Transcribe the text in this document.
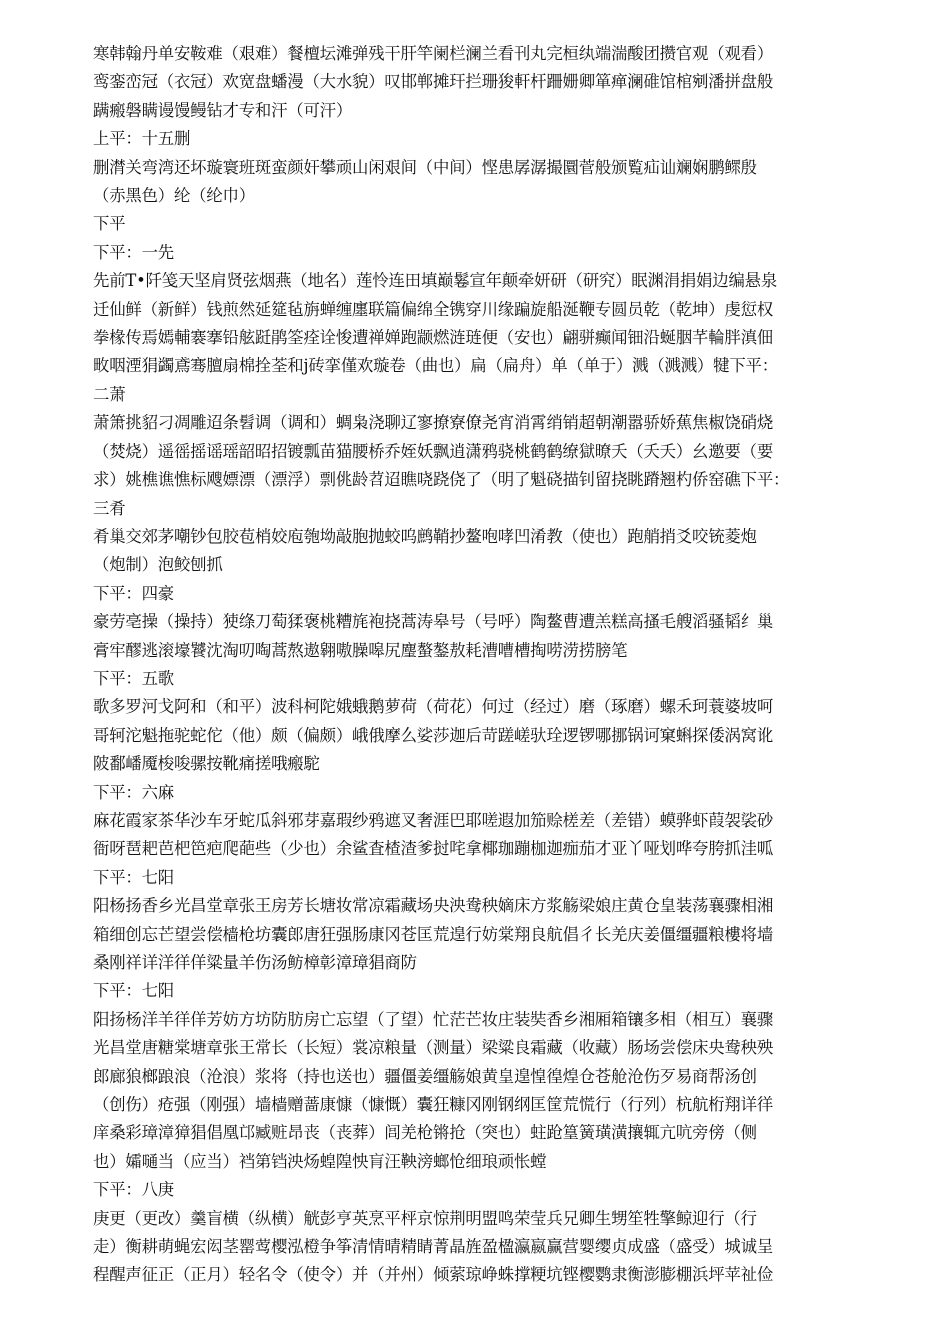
寒韩翰丹单安鞍难（艰难）餐檀坛滩弹残干肝竿阑栏澜兰看刊丸完桓纨端湍酸团攒官观（观看）
鸾銮峦冠（衣冠）欢宽盘蟠漫（大水貌）叹邯郸摊玕拦珊狻軒杆跚姗卿箪瘅澜碓馆棺剜潘拼盘般
蹒瘢磐瞒谩馒鳗钻才专和汗（可汗）
上平：十五删
删潸关弯湾还坏璇寰班斑蛮颜奸攀顽山闲艰间（中间）悭患孱潺撮圜菅般颁覧疝讪斓娴鹏鳏殷
（赤黑色）纶（纶巾）
下平
下平：一先
先前T•阡笺天坚肩贤弦烟燕（地名）莲怜连田填巅鬈宣年颠牵妍研（研究）眠渊涓捐娟边编悬泉
迁仙鲜（新鲜）钱煎然延筵毡旃蝉缠廛联篇偏绵全镌穿川缘蹁旋船涎鞭专圆员乾（乾坤）虔愆权
拳椽传焉嫣輔褰搴铅舷跹鹃筌痊诠悛遭禅婵跑颛燃涟琏便（安也）翩骈癫闻钿沿蜒胭芊輪胖滇佃
畋咽湮狷蠲鳶骞膻扇棉拴荃和j砖挛僅欢璇卷（曲也）扁（扁舟）单（单于）溅（溅溅）犍下平：
二萧
萧箫挑貂刁凋雕迢条髫调（调和）蜩枭浇聊辽寥撩寮僚尧宵消霄绡销超朝潮嚣骄娇蕉焦椒饶硝烧
（焚烧）遥徭摇谣瑶韶昭招镀瓢苗猫腰桥乔姪妖飘逍潇鸦骁桃鹤鹤缭獄暸夭（夭夭）幺邀要（要
求）姚樵谯憔标飕嫖漂（漂浮）剽佻龄苕迢瞧哓跷侥了（明了魁硗描钊留挠眺蹐翘杓侨窑礁下平：
三肴
肴巢交郊茅嘲钞包胶苞梢姣庖匏坳敲胞抛蛟呜鹧鞘抄鳌咆哮凹淆教（使也）跑艄捎爻咬铳菱炮
（炮制）泡鲛刨抓
下平：四豪
豪劳亳操（操持）㹬绦刀萄猱褒桃糟旄袍挠蒿涛皋号（号呼）陶鳌曹遭羔糕高搔毛艘滔骚韬纟巢
膏牢醪逃滚壕饕沈淘叨啕蒿熬遨翱嗷臊嗥尻麈螯鏊敖耗漕嘈槽掏唠涝捞膀笔
下平：五歌
歌多罗河戈阿和（和平）波科柯陀娥蛾鹅萝荷（荷花）何过（经过）磨（琢磨）螺禾珂蓑婆坡呵
哥轲沱魁拖驼蛇佗（他）颇（偏颇）峨俄摩么娑莎迦后苛蹉嵯驮㻇逻锣哪挪锅诃窠蝌探倭涡窝讹
陂鄱嶓魇梭唆骡按靴痛搓哦瘢駝
下平：六麻
麻花霞家茶华沙车牙蛇瓜斜邪芽嘉瑕纱鸦遮叉奢涯巴耶嗟遐加笳赊槎差（差错）蟆骅虾葭袈裟砂
衙呀琶耙芭杷笆疤爬葩些（少也）余鲨査楂渣爹挝咤拿椰珈蹦枷迦痂茄才亚丫哑划哗夸胯抓洼呱
下平：七阳
阳杨扬香乡光昌堂章张王房芳长塘妆常凉霜藏场央泱鸯秧嫡床方浆觞梁娘庄黄仓皇装荡襄骤相湘
箱细创忘芒望尝偿樯枪坊囊郎唐狂强肠康冈苍匡荒遑行妨棠翔良航倡彳长羌庆姜僵缰疆粮樓将墙
桑刚祥详洋徉佯粱量羊伤汤鲂樟彰漳璋猖商防
下平：七阳
阳扬杨洋羊徉佯芳妨方坊防肪房亡忘望（了望）忙茫芒妆庄装奘香乡湘厢箱镶多相（相互）襄骤
光昌堂唐糖棠塘章张王常长（长短）裳凉粮量（测量）梁粱良霜藏（收藏）肠场尝偿床央鸯秧殃
郎廊狼榔踉浪（沧浪）浆将（持也送也）疆僵姜缰觞娘黄皇遑惶徨煌仓苍舱沧伤歹易商帮汤创
（创伤）疮强（刚强）墙樯赠蔷康慷（慷慨）囊狂糠冈刚钢纲匡筐荒慌行（行列）杭航桁翔详徉
庠桑彩璋漳獐猖倡凰邙臧赃昂丧（丧葬）闾羌枪锵抢（突也）蛀跄篁簧璜潢攘辄亢吭旁傍（侧
也）孀嗵当（应当）裆第铛泱炀蝗隍怏肓汪鞅滂螂怆细琅顽怅螳
下平：八庚
庚更（更改）羹盲横（纵横）觥彭亨英烹平枰京惊荆明盟鸣荣莹兵兄卿生甥笙牲擎鲸迎行（行
走）衡耕萌蝇宏闳茎罂莺樱泓橙争筝清情晴精睛菁晶旌盈楹瀛嬴赢营婴缨贞成盛（盛受）城诚呈
程醒声征正（正月）轻名令（使令）并（并州）倾萦琼峥蛛撑粳坑铿樱鹦隶衡澎膨棚浜坪苹祉俭
